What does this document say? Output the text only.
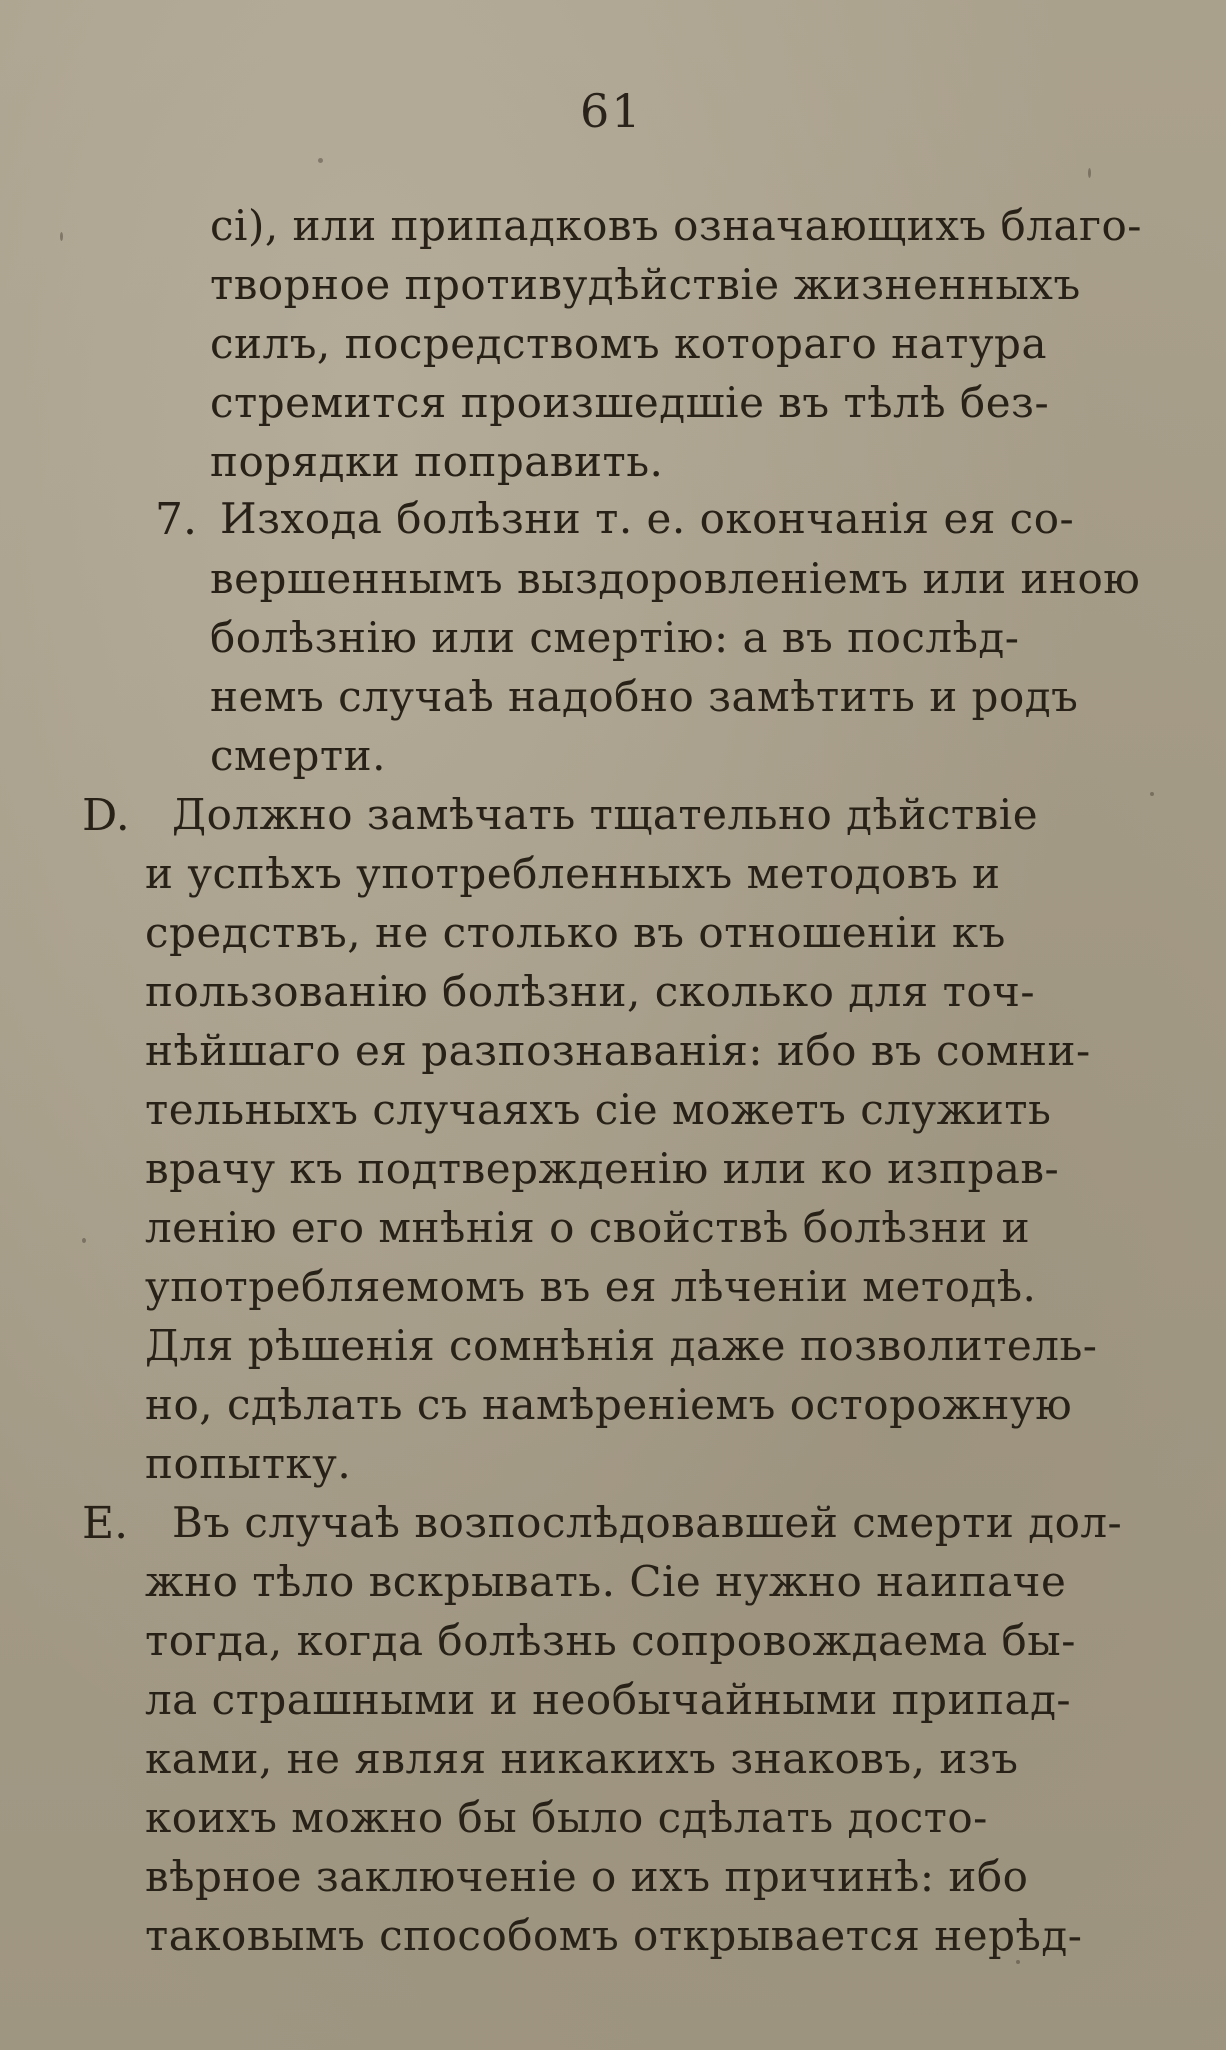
61
сі), или припадковъ означающихъ благо-
творное противудѣйствіе жизненныхъ
силъ, посредствомъ котораго натура
стремится произшедшіе въ тѣлѣ без-
порядки поправить.
7. Изхода болѣзни т. е. окончанія ея со-
вершеннымъ выздоровленіемъ или иною
болѣзнію или смертію: а въ послѣд-
немъ случаѣ надобно замѣтить и родъ
смерти.
D. Должно замѣчать тщательно дѣйствіе
и успѣхъ употребленныхъ методовъ и
средствъ, не столько въ отношеніи къ
пользованію болѣзни, сколько для точ-
нѣйшаго ея разпознаванія: ибо въ сомни-
тельныхъ случаяхъ сіе можетъ служить
врачу къ подтвержденію или ко изправ-
ленію его мнѣнія о свойствѣ болѣзни и
употребляемомъ въ ея лѣченіи методѣ.
Для рѣшенія сомнѣнія даже позволитель-
но, сдѣлать съ намѣреніемъ осторожную
попытку.
E. Въ случаѣ возпослѣдовавшей смерти дол-
жно тѣло вскрывать. Сіе нужно наипаче
тогда, когда болѣзнь сопровождаема бы-
ла страшными и необычайными припад-
ками, не являя никакихъ знаковъ, изъ
коихъ можно бы было сдѣлать досто-
вѣрное заключеніе о ихъ причинѣ: ибо
таковымъ способомъ открывается нерѣд-
